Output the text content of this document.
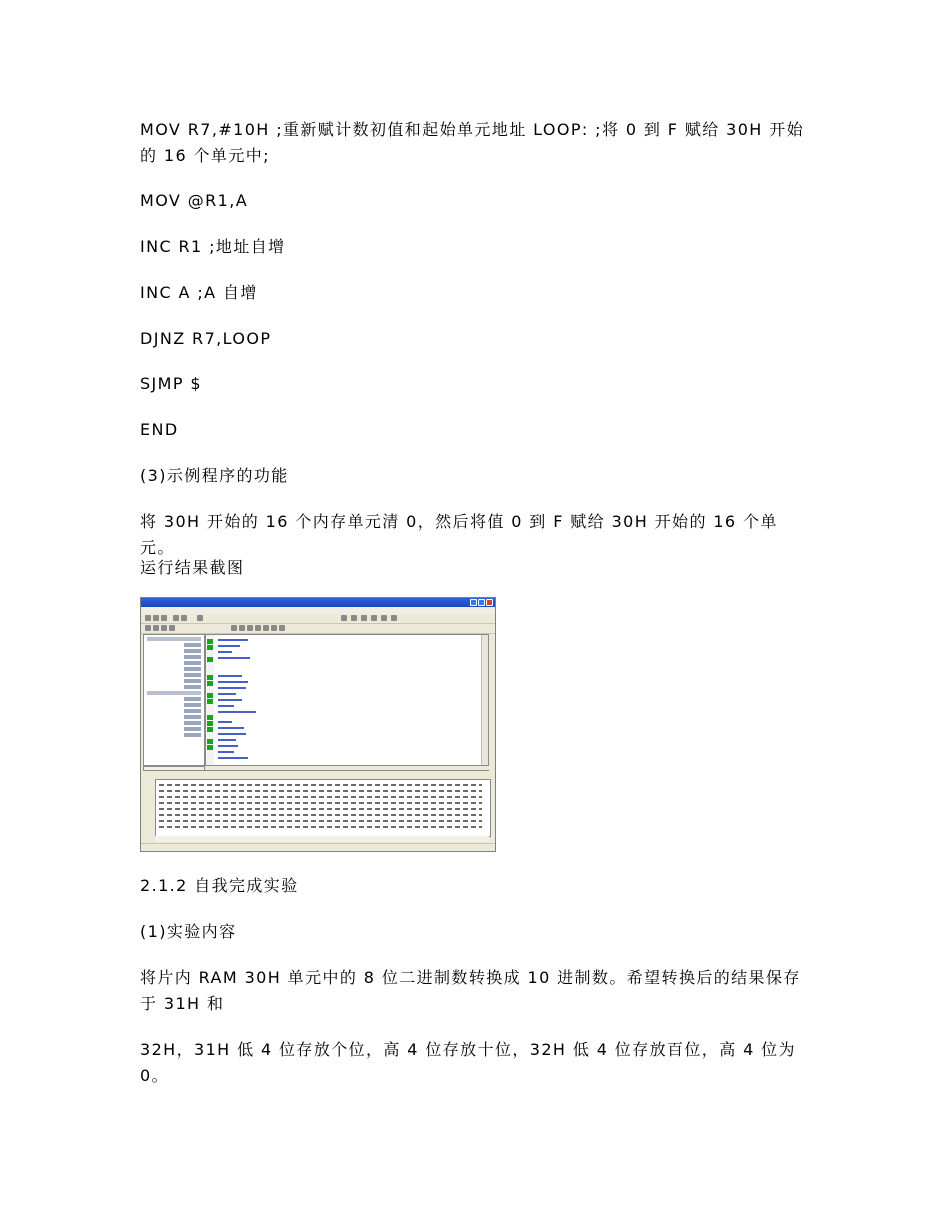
MOV R7,#10H ;重新赋计数初值和起始单元地址 LOOP: ;将 0 到 F 赋给 30H 开始的 16 个单元中;
MOV @R1,A
INC R1 ;地址自增
INC A ;A 自增
DJNZ R7,LOOP
SJMP $
END
(3)示例程序的功能
将 30H 开始的 16 个内存单元清 0，然后将值 0 到 F 赋给 30H 开始的 16 个单元。
运行结果截图
2.1.2 自我完成实验
(1)实验内容
将片内 RAM 30H 单元中的 8 位二进制数转换成 10 进制数。希望转换后的结果保存于 31H 和
32H，31H 低 4 位存放个位，高 4 位存放十位，32H 低 4 位存放百位，高 4 位为 0。
